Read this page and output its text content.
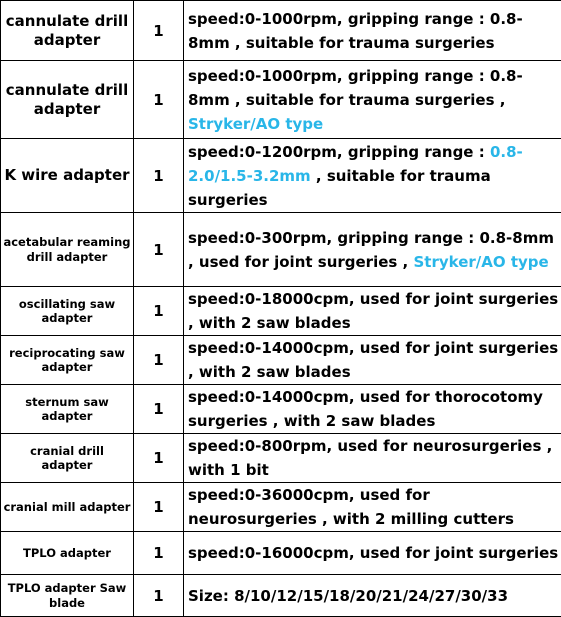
cannulate drill adapter	1	speed:0-1000rpm, gripping range : 0.8-8mm , suitable for trauma surgeries
cannulate drill adapter	1	speed:0-1000rpm, gripping range : 0.8-8mm , suitable for trauma surgeries , Stryker/AO type
K wire adapter	1	speed:0-1200rpm, gripping range : 0.8-2.0/1.5-3.2mm , suitable for trauma surgeries
acetabular reaming drill adapter	1	speed:0-300rpm, gripping range : 0.8-8mm , used for joint surgeries , Stryker/AO type
oscillating saw adapter	1	speed:0-18000cpm, used for joint surgeries , with 2 saw blades
reciprocating saw adapter	1	speed:0-14000cpm, used for joint surgeries , with 2 saw blades
sternum saw adapter	1	speed:0-14000cpm, used for thorocotomy surgeries , with 2 saw blades
cranial drill adapter	1	speed:0-800rpm, used for neurosurgeries , with 1 bit
cranial mill adapter	1	speed:0-36000cpm, used for neurosurgeries , with 2 milling cutters
TPLO adapter	1	speed:0-16000cpm, used for joint surgeries
TPLO adapter Saw blade	1	Size: 8/10/12/15/18/20/21/24/27/30/33
